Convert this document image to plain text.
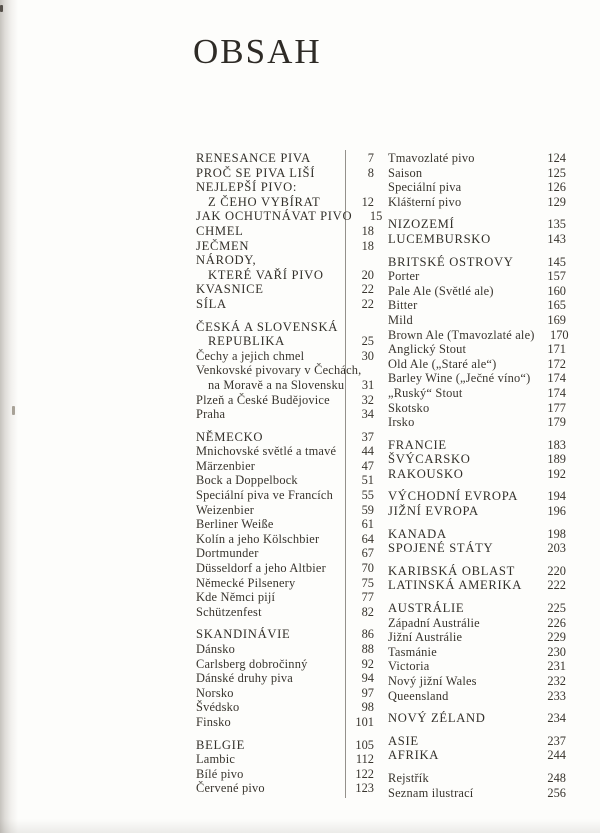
OBSAH
RENESANCE PIVA	7
PROČ SE PIVA LIŠÍ	8
NEJLEPŠÍ PIVO:
Z ČEHO VYBÍRAT	12
JAK OCHUTNÁVAT PIVO	15
CHMEL	18
JEČMEN	18
NÁRODY,
KTERÉ VAŘÍ PIVO	20
KVASNICE	22
SÍLA	22
ČESKÁ A SLOVENSKÁ
REPUBLIKA	25
Čechy a jejich chmel	30
Venkovské pivovary v Čechách,
na Moravě a na Slovensku	31
Plzeň a České Budějovice	32
Praha	34
NĚMECKO	37
Mnichovské světlé a tmavé	44
Märzenbier	47
Bock a Doppelbock	51
Speciální piva ve Francích	55
Weizenbier	59
Berliner Weiße	61
Kolín a jeho Kölschbier	64
Dortmunder	67
Düsseldorf a jeho Altbier	70
Německé Pilsenery	75
Kde Němci pijí	77
Schützenfest	82
SKANDINÁVIE	86
Dánsko	88
Carlsberg dobročinný	92
Dánské druhy piva	94
Norsko	97
Švédsko	98
Finsko	101
BELGIE	105
Lambic	112
Bílé pivo	122
Červené pivo	123
Tmavozlaté pivo	124
Saison	125
Speciální piva	126
Klášterní pivo	129
NIZOZEMÍ	135
LUCEMBURSKO	143
BRITSKÉ OSTROVY	145
Porter	157
Pale Ale (Světlé ale)	160
Bitter	165
Mild	169
Brown Ale (Tmavozlaté ale)	170
Anglický Stout	171
Old Ale („Staré ale“)	172
Barley Wine („Ječné víno“)	174
„Ruský“ Stout	174
Skotsko	177
Irsko	179
FRANCIE	183
ŠVÝCARSKO	189
RAKOUSKO	192
VÝCHODNÍ EVROPA	194
JIŽNÍ EVROPA	196
KANADA	198
SPOJENÉ STÁTY	203
KARIBSKÁ OBLAST	220
LATINSKÁ AMERIKA	222
AUSTRÁLIE	225
Západní Austrálie	226
Jižní Austrálie	229
Tasmánie	230
Victoria	231
Nový jižní Wales	232
Queensland	233
NOVÝ ZÉLAND	234
ASIE	237
AFRIKA	244
Rejstřík	248
Seznam ilustrací	256
